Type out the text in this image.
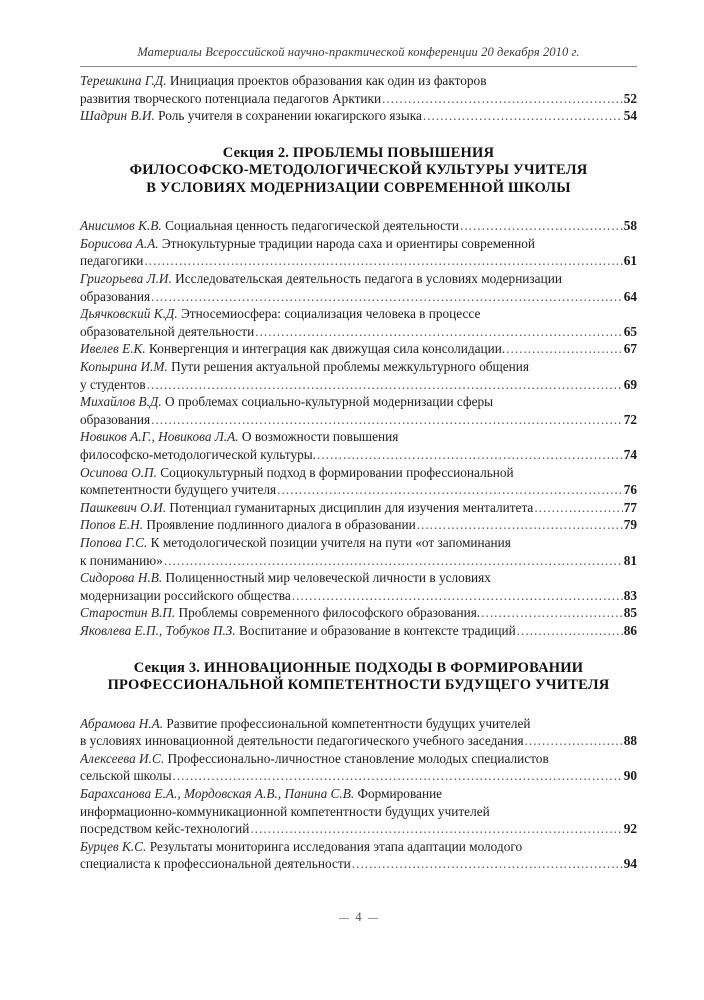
Материалы Всероссийской научно-практической конференции 20 декабря 2010 г.
Терешкина Г.Д. Инициация проектов образования как один из факторов
развития творческого потенциала педагогов Арктики .....	52
Шадрин В.И. Роль учителя в сохранении юкагирского языка .....	54
Секция 2. ПРОБЛЕМЫ ПОВЫШЕНИЯ
ФИЛОСОФСКО-МЕТОДОЛОГИЧЕСКОЙ КУЛЬТУРЫ УЧИТЕЛЯ
В УСЛОВИЯХ МОДЕРНИЗАЦИИ СОВРЕМЕННОЙ ШКОЛЫ
Анисимов К.В. Социальная ценность педагогической деятельности .....	58
Борисова А.А. Этнокультурные традиции народа саха и ориентиры современной
педагогики .....	61
Григорьева Л.И. Исследовательская деятельность педагога в условиях модернизации
образования .....	64
Дьячковский К.Д. Этносемиосфера: социализация человека в процессе
образовательной деятельности .....	65
Ивелев Е.К. Конвергенция и интеграция как движущая сила консолидации. .....	67
Копырина И.М. Пути решения актуальной проблемы межкультурного общения
у студентов .....	69
Михайлов В.Д. О проблемах социально-культурной модернизации сферы
образования .....	72
Новиков А.Г., Новикова Л.А. О возможности повышения
философско-методологической культуры. .....	74
Осипова О.П. Социокультурный подход в формировании профессиональной
компетентности будущего учителя .....	76
Пашкевич О.И. Потенциал гуманитарных дисциплин для изучения менталитета .....	77
Попов Е.Н. Проявление подлинного диалога в образовании .....	79
Попова Г.С. К методологической позиции учителя на пути «от запоминания
к пониманию» .....	81
Сидорова Н.В. Полиценностный мир человеческой личности в условиях
модернизации российского общества .....	83
Старостин В.П. Проблемы современного философского образования. .....	85
Яковлева Е.П., Тобуков П.З. Воспитание и образование в контексте традиций .....	86
Секция 3. ИННОВАЦИОННЫЕ ПОДХОДЫ В ФОРМИРОВАНИИ
ПРОФЕССИОНАЛЬНОЙ КОМПЕТЕНТНОСТИ БУДУЩЕГО УЧИТЕЛЯ
Абрамова Н.А. Развитие профессиональной компетентности будущих учителей
в условиях инновационной деятельности педагогического учебного заседания .....	88
Алексеева И.С. Профессионально-личностное становление молодых специалистов
сельской школы .....	90
Барахсанова Е.А., Мордовская А.В., Панина С.В. Формирование
информационно-коммуникационной компетентности будущих учителей
посредством кейс-технологий .....	92
Бурцев К.С. Результаты мониторинга исследования этапа адаптации молодого
специалиста к профессиональной деятельности .....	94
4
